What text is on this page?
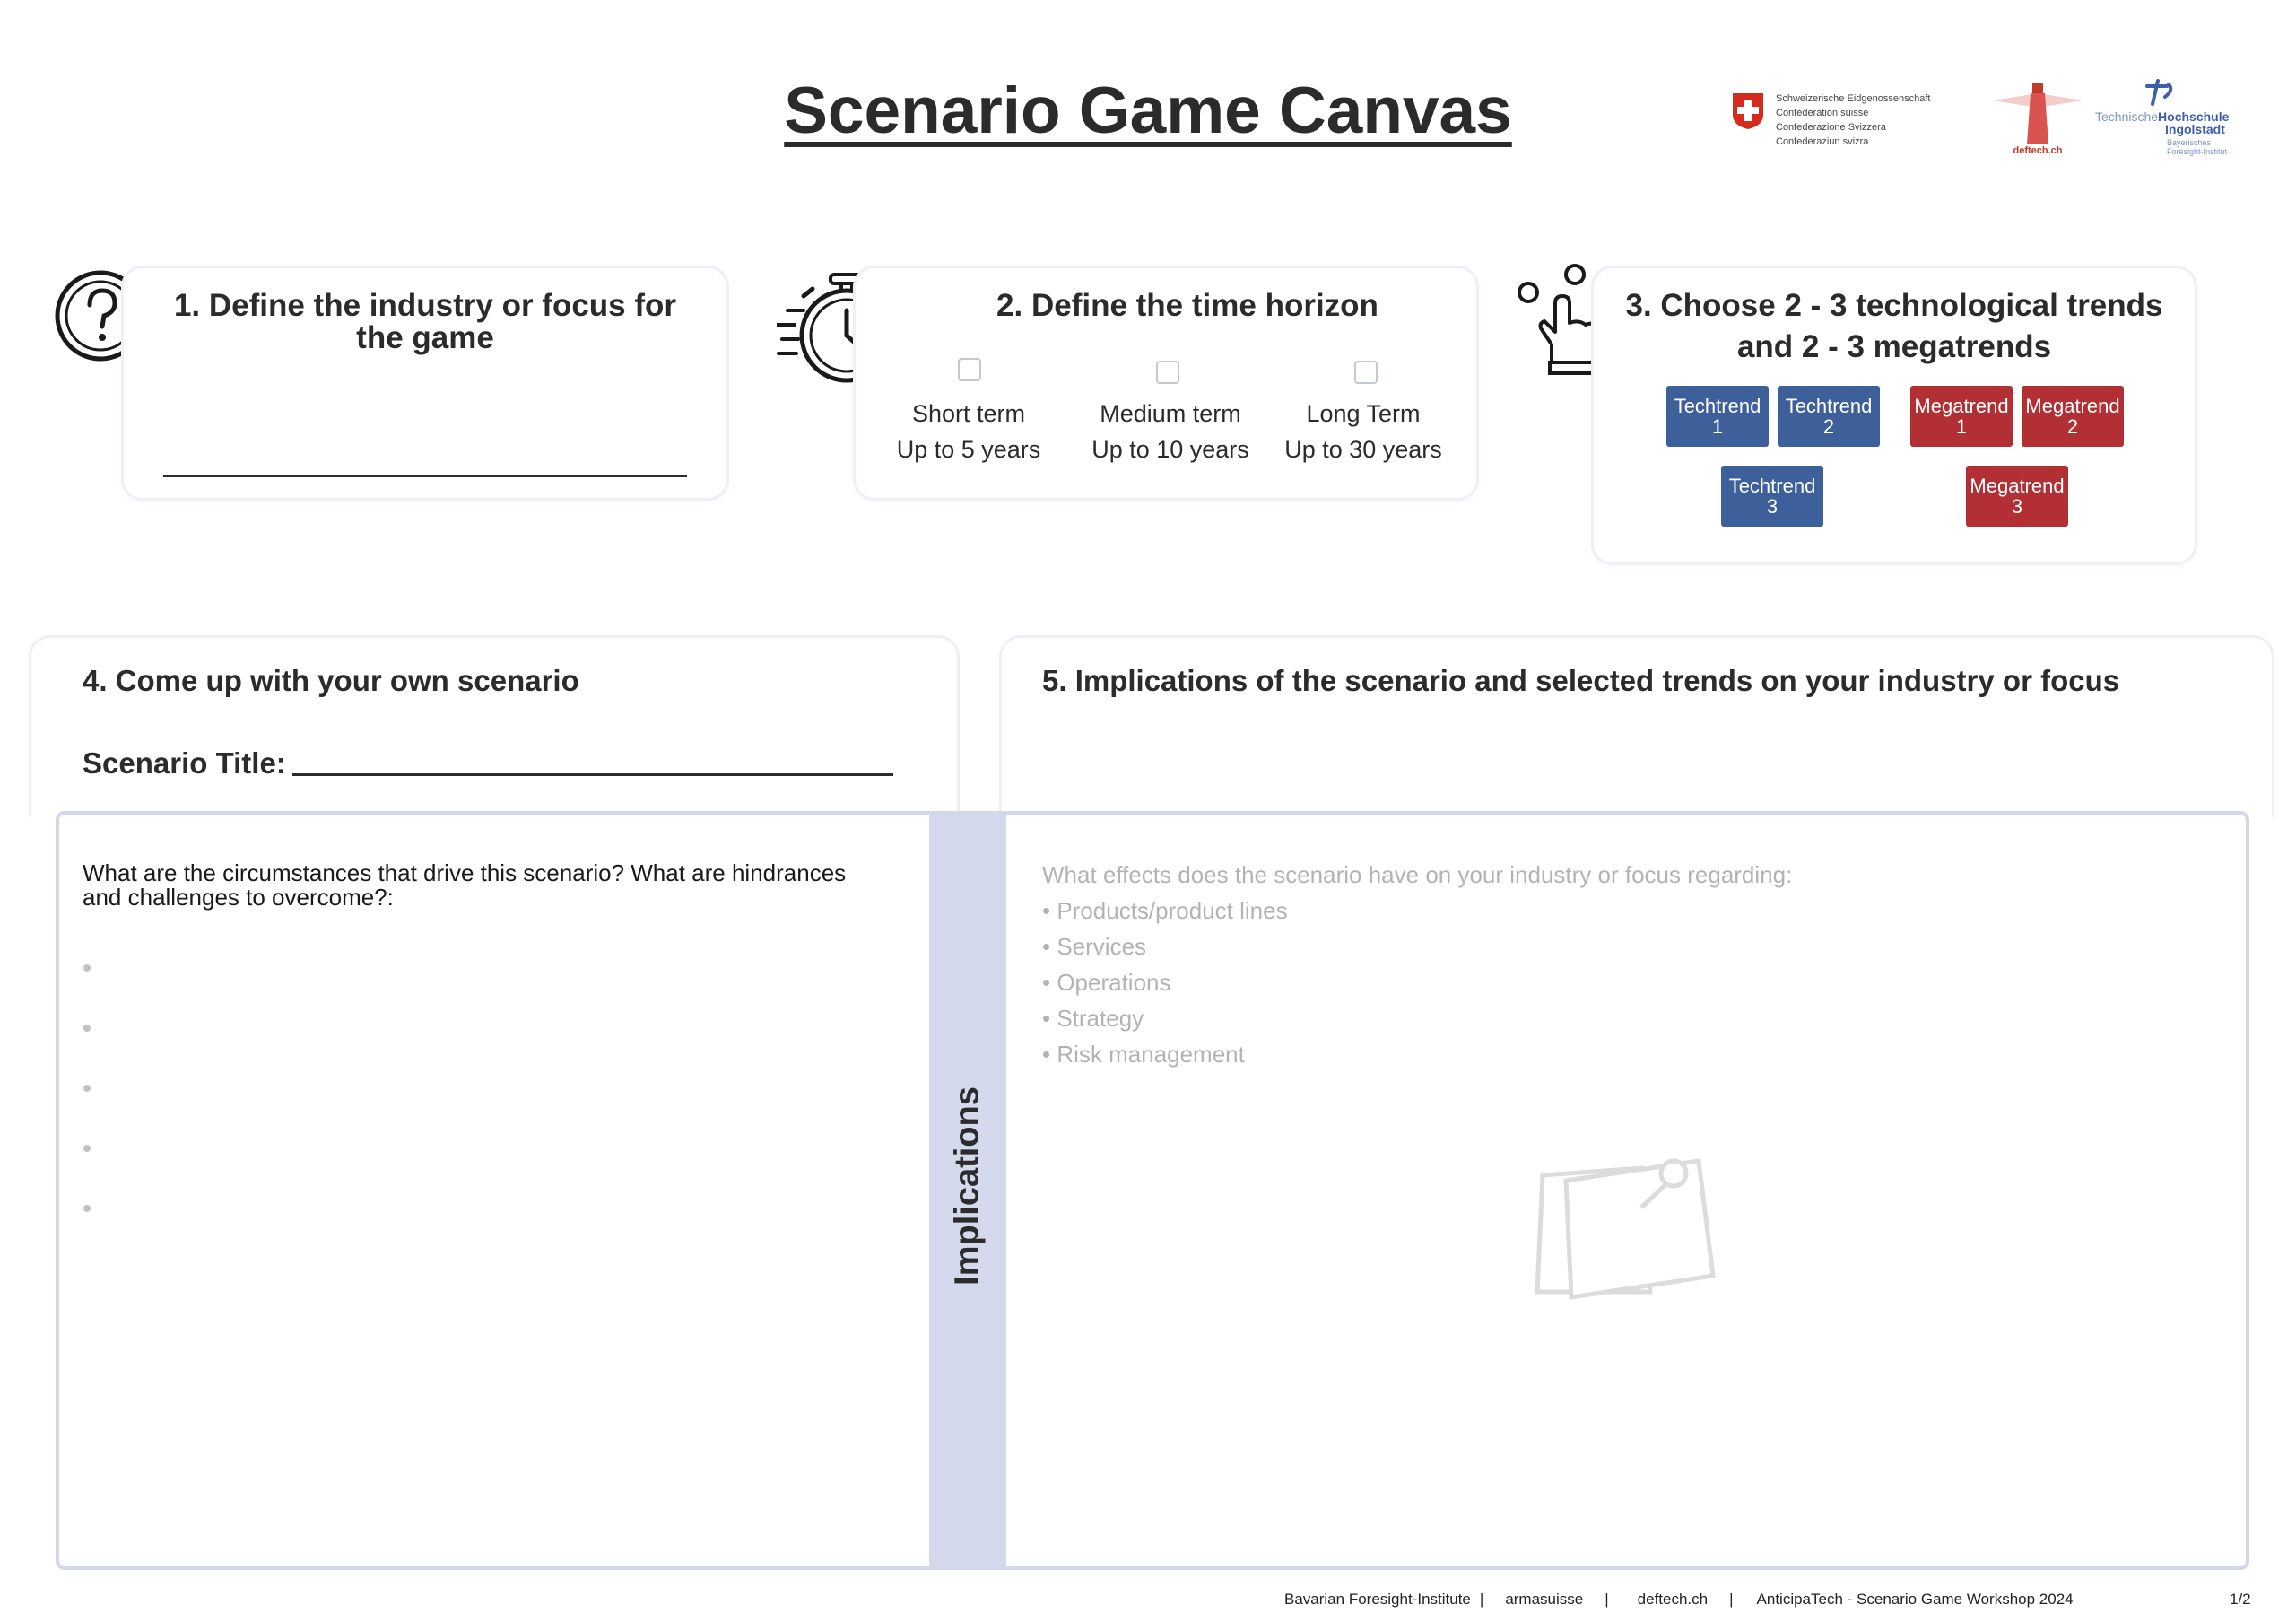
Scenario Game Canvas	Schweizerische Eidgenossenschaft
Confédération suisse
Confederazione Svizzera
Confederaziun svizra
deftech.ch
TechnischeHochschule
Ingolstadt
Bayerisches
Foresight-Institut
1. Define the industry or focus for the game
2. Define the time horizon
Short term
Up to 5 years
Medium term
Up to 10 years
Long Term
Up to 30 years
3. Choose 2 - 3 technological trends
and 2 - 3 megatrends
Techtrend 1
Techtrend 2
Techtrend 3
Megatrend 1
Megatrend 2
Megatrend 3
4. Come up with your own scenario
Scenario Title:
5. Implications of the scenario and selected trends on your industry or focus
Implications
What are the circumstances that drive this scenario? What are hindrances and challenges to overcome?:
What effects does the scenario have on your industry or focus regarding:
• Products/product lines
• Services
• Operations
• Strategy
• Risk management
Bavarian Foresight-Institute | armasuisse | deftech.ch | AnticipaTech - Scenario Game Workshop 2024	1/2
